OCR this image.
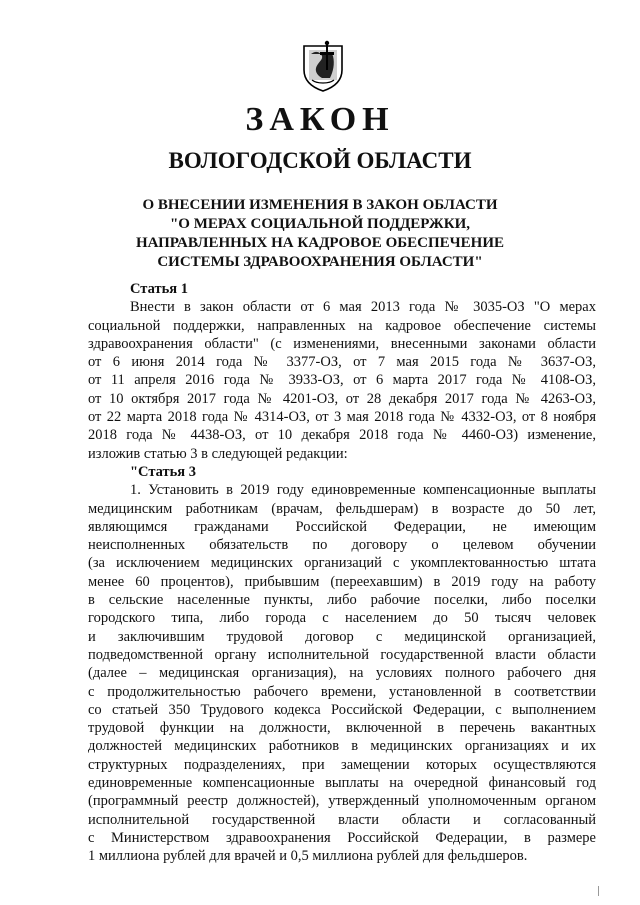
ЗАКОН
ВОЛОГОДСКОЙ ОБЛАСТИ
О ВНЕСЕНИИ ИЗМЕНЕНИЯ В ЗАКОН ОБЛАСТИ
"О МЕРАХ СОЦИАЛЬНОЙ ПОДДЕРЖКИ,
НАПРАВЛЕННЫХ НА КАДРОВОЕ ОБЕСПЕЧЕНИЕ
СИСТЕМЫ ЗДРАВООХРАНЕНИЯ ОБЛАСТИ"
Статья 1
Внести в закон области от 6 мая 2013 года № 3035-ОЗ "О мерах
социальной поддержки, направленных на кадровое обеспечение системы
здравоохранения области" (с изменениями, внесенными законами области
от 6 июня 2014 года № 3377-ОЗ, от 7 мая 2015 года № 3637-ОЗ,
от 11 апреля 2016 года № 3933-ОЗ, от 6 марта 2017 года № 4108-ОЗ,
от 10 октября 2017 года № 4201-ОЗ, от 28 декабря 2017 года № 4263-ОЗ,
от 22 марта 2018 года № 4314-ОЗ, от 3 мая 2018 года № 4332-ОЗ, от 8 ноября
2018 года № 4438-ОЗ, от 10 декабря 2018 года № 4460-ОЗ) изменение,
изложив статью 3 в следующей редакции:
"Статья 3
1. Установить в 2019 году единовременные компенсационные выплаты
медицинским работникам (врачам, фельдшерам) в возрасте до 50 лет,
являющимся гражданами Российской Федерации, не имеющим
неисполненных обязательств по договору о целевом обучении
(за исключением медицинских организаций с укомплектованностью штата
менее 60 процентов), прибывшим (переехавшим) в 2019 году на работу
в сельские населенные пункты, либо рабочие поселки, либо поселки
городского типа, либо города с населением до 50 тысяч человек
и заключившим трудовой договор с медицинской организацией,
подведомственной органу исполнительной государственной власти области
(далее – медицинская организация), на условиях полного рабочего дня
с продолжительностью рабочего времени, установленной в соответствии
со статьей 350 Трудового кодекса Российской Федерации, с выполнением
трудовой функции на должности, включенной в перечень вакантных
должностей медицинских работников в медицинских организациях и их
структурных подразделениях, при замещении которых осуществляются
единовременные компенсационные выплаты на очередной финансовый год
(программный реестр должностей), утвержденный уполномоченным органом
исполнительной государственной власти области и согласованный
с Министерством здравоохранения Российской Федерации, в размере
1 миллиона рублей для врачей и 0,5 миллиона рублей для фельдшеров.
